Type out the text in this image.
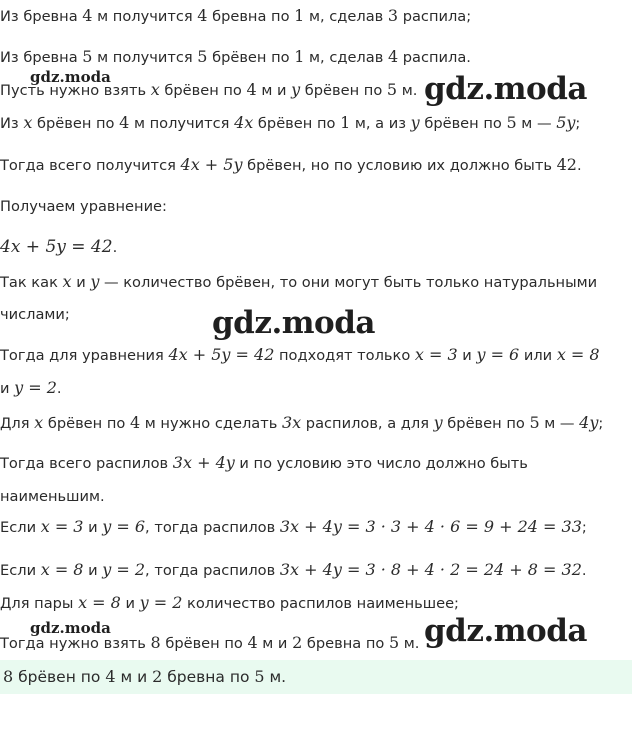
Из бревна 4 м получится 4 бревна по 1 м, сделав 3 распила;
Из бревна 5 м получится 5 брёвен по 1 м, сделав 4 распила.
Пусть нужно взять x брёвен по 4 м и y брёвен по 5 м.
Из x брёвен по 4 м получится 4x брёвен по 1 м, а из y брёвен по 5 м — 5y;
Тогда всего получится 4x + 5y брёвен, но по условию их должно быть 42.
Получаем уравнение:
4x + 5y = 42.
Так как x и y — количество брёвен, то они могут быть только натуральными
числами;
Тогда для уравнения 4x + 5y = 42 подходят только x = 3 и y = 6 или x = 8
и y = 2.
Для x брёвен по 4 м нужно сделать 3x распилов, а для y брёвен по 5 м — 4y;
Тогда всего распилов 3x + 4y и по условию это число должно быть
наименьшим.
Если x = 3 и y = 6, тогда распилов 3x + 4y = 3 · 3 + 4 · 6 = 9 + 24 = 33;
Если x = 8 и y = 2, тогда распилов 3x + 4y = 3 · 8 + 4 · 2 = 24 + 8 = 32.
Для пары x = 8 и y = 2 количество распилов наименьшее;
Тогда нужно взять 8 брёвен по 4 м и 2 бревна по 5 м.
8 брёвен по 4 м и 2 бревна по 5 м.
gdz.moda	gdz.moda
gdz.moda
gdz.moda	gdz.moda
